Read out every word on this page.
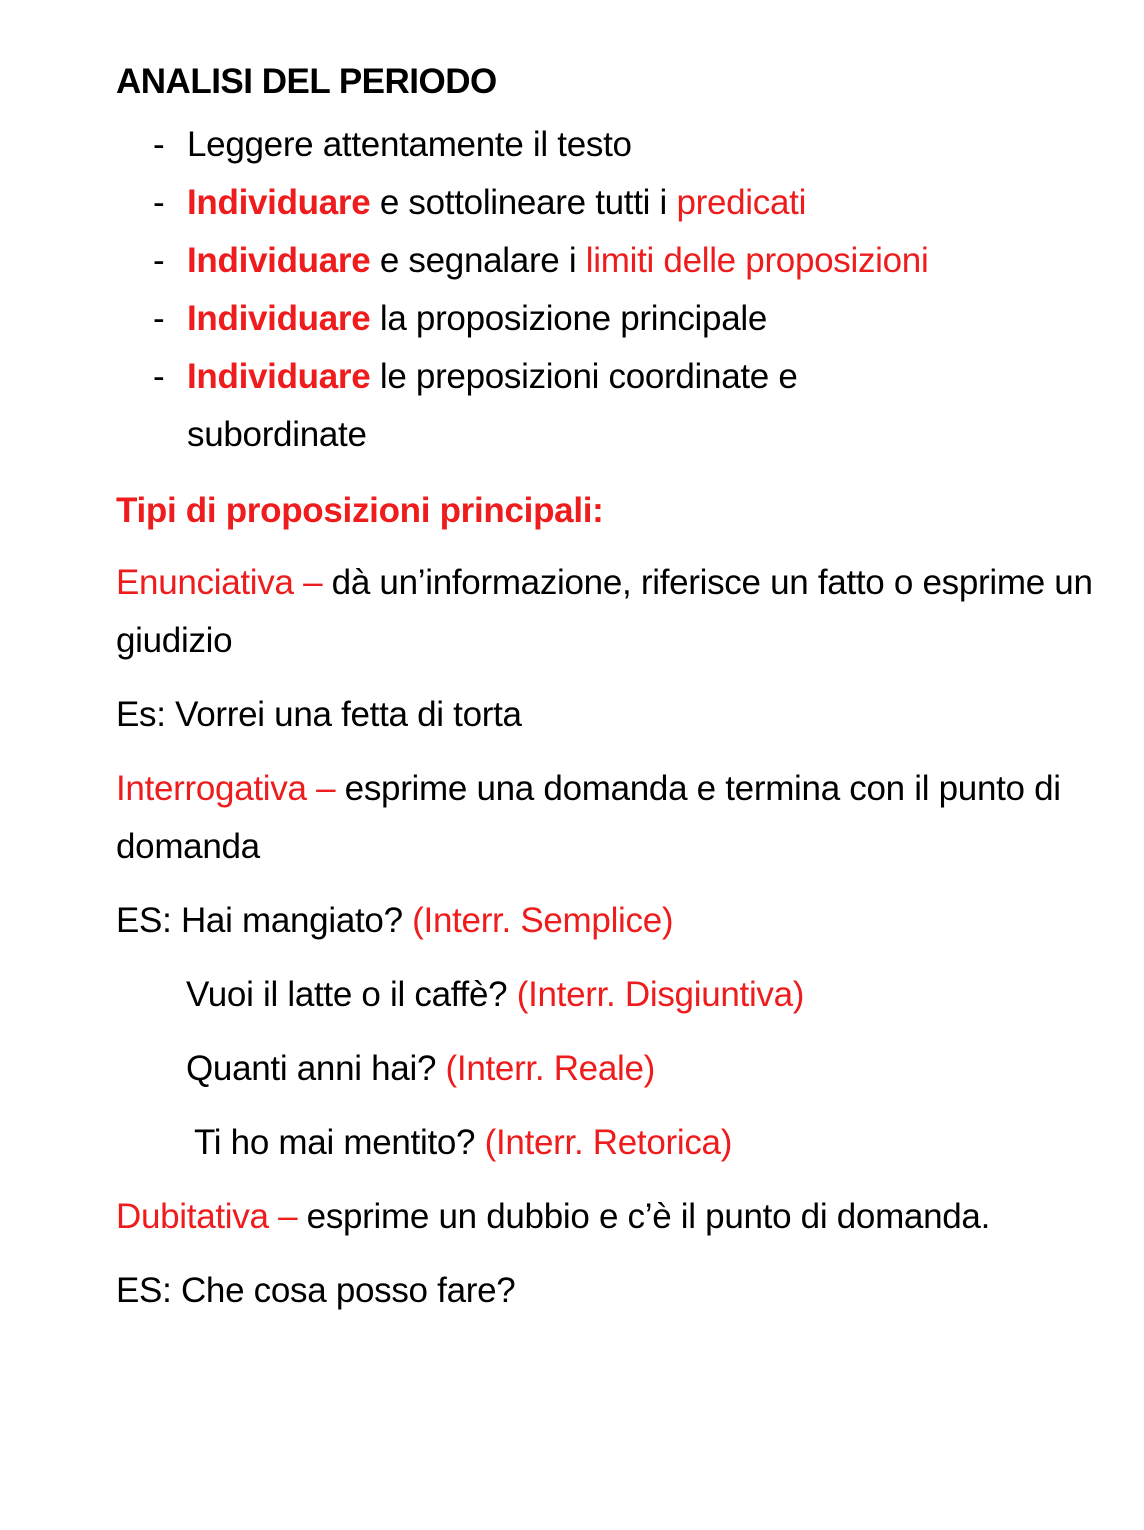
ANALISI DEL PERIODO
- Leggere attentamente il testo
- Individuare e sottolineare tutti i predicati
- Individuare e segnalare i limiti delle proposizioni
- Individuare la proposizione principale
- Individuare le preposizioni coordinate e subordinate
Tipi di proposizioni principali:
Enunciativa – dà un’informazione, riferisce un fatto o esprime un giudizio
Es: Vorrei una fetta di torta
Interrogativa – esprime una domanda e termina con il punto di domanda
ES: Hai mangiato? (Interr. Semplice)
Vuoi il latte o il caffè? (Interr. Disgiuntiva)
Quanti anni hai? (Interr. Reale)
Ti ho mai mentito? (Interr. Retorica)
Dubitativa – esprime un dubbio e c’è il punto di domanda.
ES: Che cosa posso fare?
